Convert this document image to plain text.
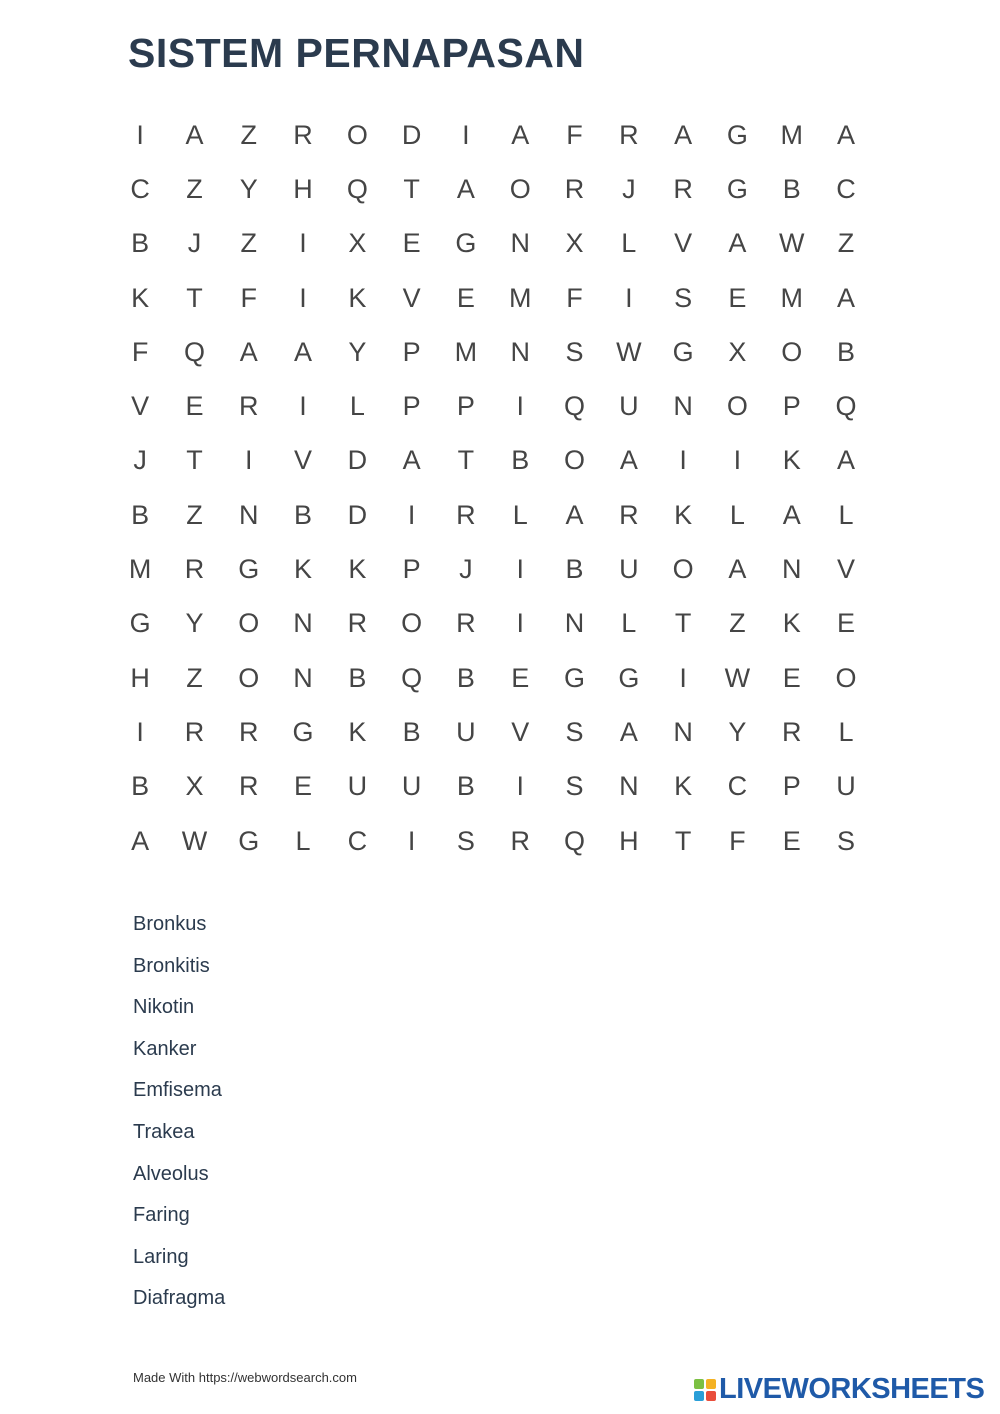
SISTEM PERNAPASAN
I	A	Z	R	O	D	I	A	F	R	A	G	M	A
C	Z	Y	H	Q	T	A	O	R	J	R	G	B	C
B	J	Z	I	X	E	G	N	X	L	V	A	W	Z
K	T	F	I	K	V	E	M	F	I	S	E	M	A
F	Q	A	A	Y	P	M	N	S	W	G	X	O	B
V	E	R	I	L	P	P	I	Q	U	N	O	P	Q
J	T	I	V	D	A	T	B	O	A	I	I	K	A
B	Z	N	B	D	I	R	L	A	R	K	L	A	L
M	R	G	K	K	P	J	I	B	U	O	A	N	V
G	Y	O	N	R	O	R	I	N	L	T	Z	K	E
H	Z	O	N	B	Q	B	E	G	G	I	W	E	O
I	R	R	G	K	B	U	V	S	A	N	Y	R	L
B	X	R	E	U	U	B	I	S	N	K	C	P	U
A	W	G	L	C	I	S	R	Q	H	T	F	E	S
Bronkus
Bronkitis
Nikotin
Kanker
Emfisema
Trakea
Alveolus
Faring
Laring
Diafragma
Made With https://webwordsearch.com	LIVEWORKSHEETS
